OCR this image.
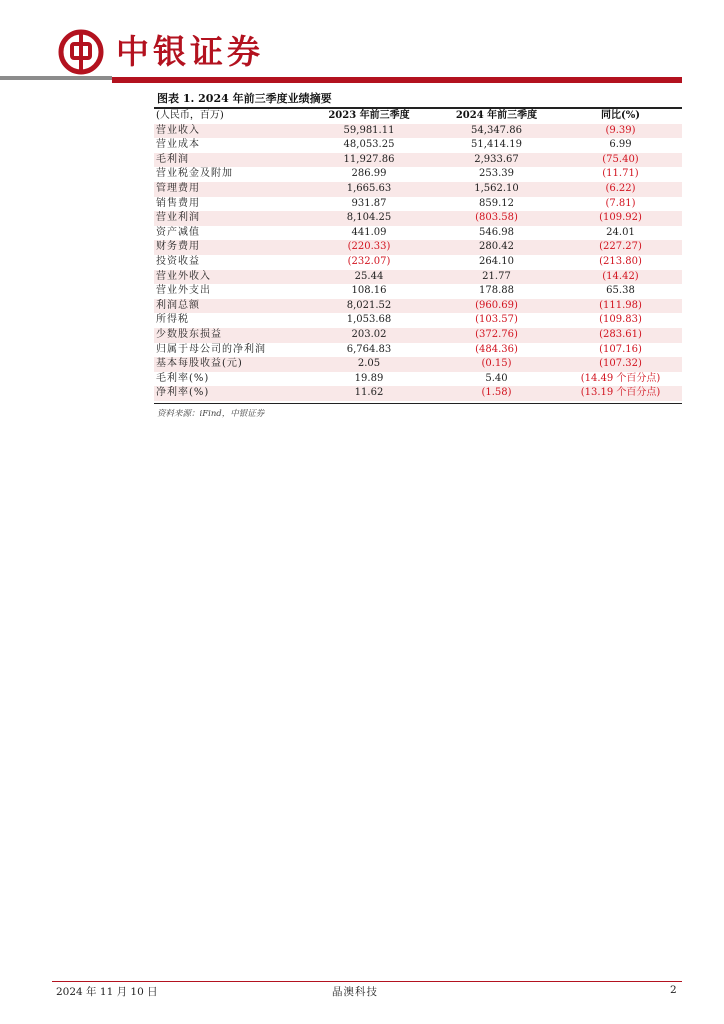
中银证券
图表 1. 2024 年前三季度业绩摘要
(人民币，百万)	2023 年前三季度	2024 年前三季度	同比(%)
营业收入	59,981.11	54,347.86	(9.39)
营业成本	48,053.25	51,414.19	6.99
毛利润	11,927.86	2,933.67	(75.40)
营业税金及附加	286.99	253.39	(11.71)
管理费用	1,665.63	1,562.10	(6.22)
销售费用	931.87	859.12	(7.81)
营业利润	8,104.25	(803.58)	(109.92)
资产减值	441.09	546.98	24.01
财务费用	(220.33)	280.42	(227.27)
投资收益	(232.07)	264.10	(213.80)
营业外收入	25.44	21.77	(14.42)
营业外支出	108.16	178.88	65.38
利润总额	8,021.52	(960.69)	(111.98)
所得税	1,053.68	(103.57)	(109.83)
少数股东损益	203.02	(372.76)	(283.61)
归属于母公司的净利润	6,764.83	(484.36)	(107.16)
基本每股收益(元)	2.05	(0.15)	(107.32)
毛利率(%)	19.89	5.40	(14.49 个百分点)
净利率(%)	11.62	(1.58)	(13.19 个百分点)
资料来源：iFind，中银证券
2024 年 11 月 10 日	晶澳科技	2
